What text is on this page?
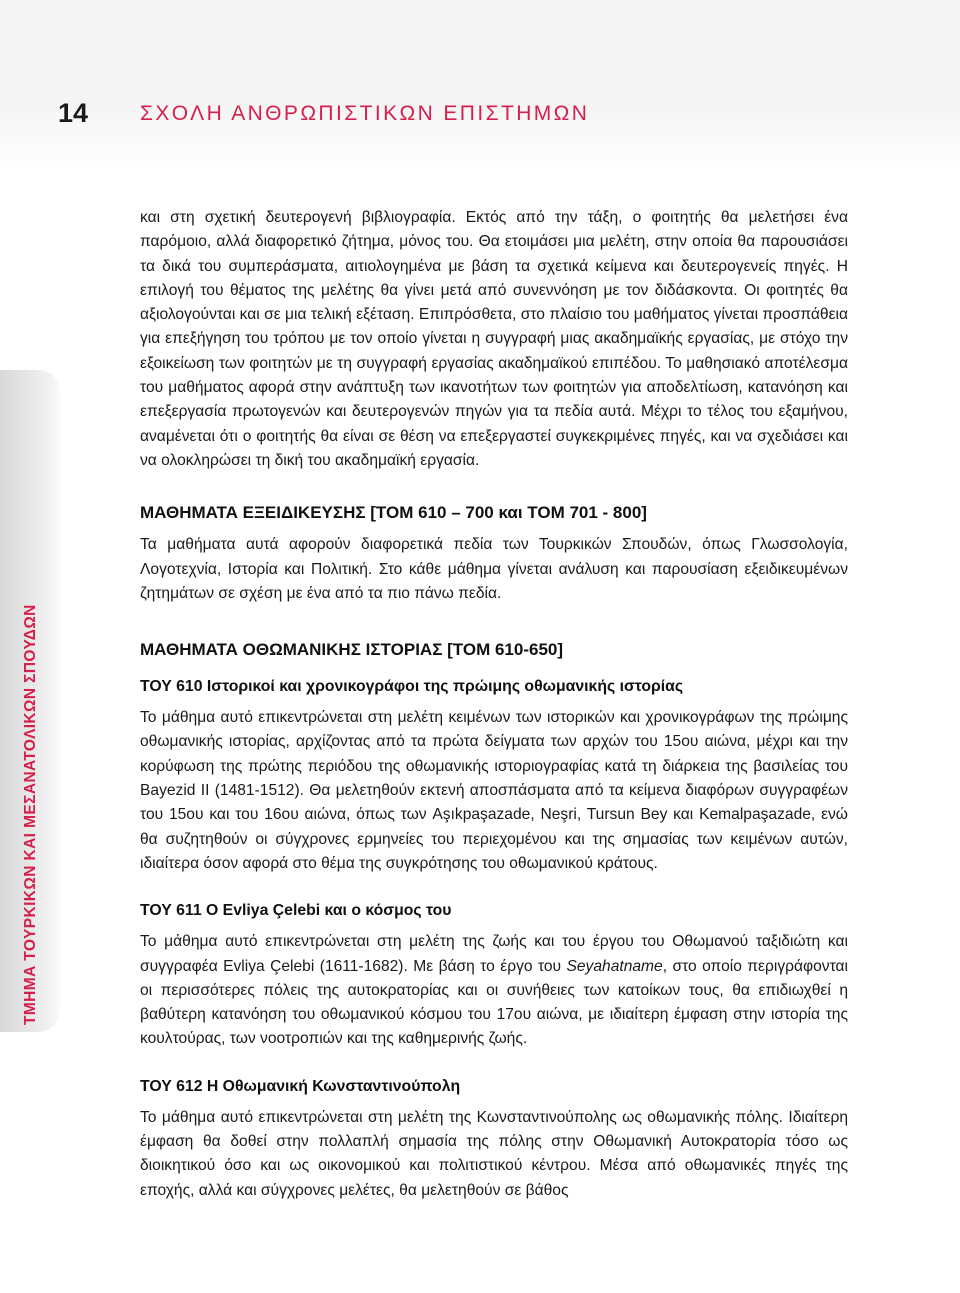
14 ΣΧΟΛΗ ΑΝΘΡΩΠΙΣΤΙΚΩΝ ΕΠΙΣΤΗΜΩΝ
ΤΜΗΜΑ ΤΟΥΡΚΙΚΩΝ ΚΑΙ ΜΕΣΑΝΑΤΟΛΙΚΩΝ ΣΠΟΥΔΩΝ

και στη σχετική δευτερογενή βιβλιογραφία. Εκτός από την τάξη, ο φοιτητής θα μελετήσει ένα παρόμοιο, αλλά διαφορετικό ζήτημα, μόνος του. Θα ετοιμάσει μια μελέτη, στην οποία θα παρουσιάσει τα δικά του συμπεράσματα, αιτιολογημένα με βάση τα σχετικά κείμενα και δευτερογενείς πηγές. Η επιλογή του θέματος της μελέτης θα γίνει μετά από συνεννόηση με τον διδάσκοντα. Οι φοιτητές θα αξιολογούνται και σε μια τελική εξέταση. Επιπρόσθετα, στο πλαίσιο του μαθήματος γίνεται προσπάθεια για επεξήγηση του τρόπου με τον οποίο γίνεται η συγγραφή μιας ακαδημαϊκής εργασίας, με στόχο την εξοικείωση των φοιτητών με τη συγγραφή εργασίας ακαδημαϊκού επιπέδου. Το μαθησιακό αποτέλεσμα του μαθήματος αφορά στην ανάπτυξη των ικανοτήτων των φοιτητών για αποδελτίωση, κατανόηση και επεξεργασία πρωτογενών και δευτερογενών πηγών για τα πεδία αυτά. Μέχρι το τέλος του εξαμήνου, αναμένεται ότι ο φοιτητής θα είναι σε θέση να επεξεργαστεί συγκεκριμένες πηγές, και να σχεδιάσει και να ολοκληρώσει τη δική του ακαδημαϊκή εργασία.

ΜΑΘΗΜΑΤΑ ΕΞΕΙΔΙΚΕΥΣΗΣ [ΤΟΜ 610 – 700 και ΤΟΜ 701 - 800]

Τα μαθήματα αυτά αφορούν διαφορετικά πεδία των Τουρκικών Σπουδών, όπως Γλωσσολογία, Λογοτεχνία, Ιστορία και Πολιτική. Στο κάθε μάθημα γίνεται ανάλυση και παρουσίαση εξειδικευμένων ζητημάτων σε σχέση με ένα από τα πιο πάνω πεδία.

ΜΑΘΗΜΑΤΑ ΟΘΩΜΑΝΙΚΗΣ ΙΣΤΟΡΙΑΣ [ΤΟΜ 610-650]
ΤΟΥ 610 Ιστορικοί και χρονικογράφοι της πρώιμης οθωμανικής ιστορίας

Το μάθημα αυτό επικεντρώνεται στη μελέτη κειμένων των ιστορικών και χρονικογράφων της πρώιμης οθωμανικής ιστορίας, αρχίζοντας από τα πρώτα δείγματα των αρχών του 15ου αιώνα, μέχρι και την κορύφωση της πρώτης περιόδου της οθωμανικής ιστοριογραφίας κατά τη διάρκεια της βασιλείας του Bayezid II (1481-1512). Θα μελετηθούν εκτενή αποσπάσματα από τα κείμενα διαφόρων συγγραφέων του 15ου και του 16ου αιώνα, όπως των Aşıkpaşazade, Neşri, Tursun Bey και Kemalpaşazade, ενώ θα συζητηθούν οι σύγχρονες ερμηνείες του περιεχομένου και της σημασίας των κειμένων αυτών, ιδιαίτερα όσον αφορά στο θέμα της συγκρότησης του οθωμανικού κράτους.

ΤΟΥ 611 Ο Evliya Çelebi και ο κόσμος του

Το μάθημα αυτό επικεντρώνεται στη μελέτη της ζωής και του έργου του Οθωμανού ταξιδιώτη και συγγραφέα Evliya Çelebi (1611-1682). Με βάση το έργο του Seyahatname, στο οποίο περιγράφονται οι περισσότερες πόλεις της αυτοκρατορίας και οι συνήθειες των κατοίκων τους, θα επιδιωχθεί η βαθύτερη κατανόηση του οθωμανικού κόσμου του 17ου αιώνα, με ιδιαίτερη έμφαση στην ιστορία της κουλτούρας, των νοοτροπιών και της καθημερινής ζωής.

ΤΟΥ 612 Η Οθωμανική Κωνσταντινούπολη

Το μάθημα αυτό επικεντρώνεται στη μελέτη της Κωνσταντινούπολης ως οθωμανικής πόλης. Ιδιαίτερη έμφαση θα δοθεί στην πολλαπλή σημασία της πόλης στην Οθωμανική Αυτοκρατορία τόσο ως διοικητικού όσο και ως οικονομικού και πολιτιστικού κέντρου. Μέσα από οθωμανικές πηγές της εποχής, αλλά και σύγχρονες μελέτες, θα μελετηθούν σε βάθος
